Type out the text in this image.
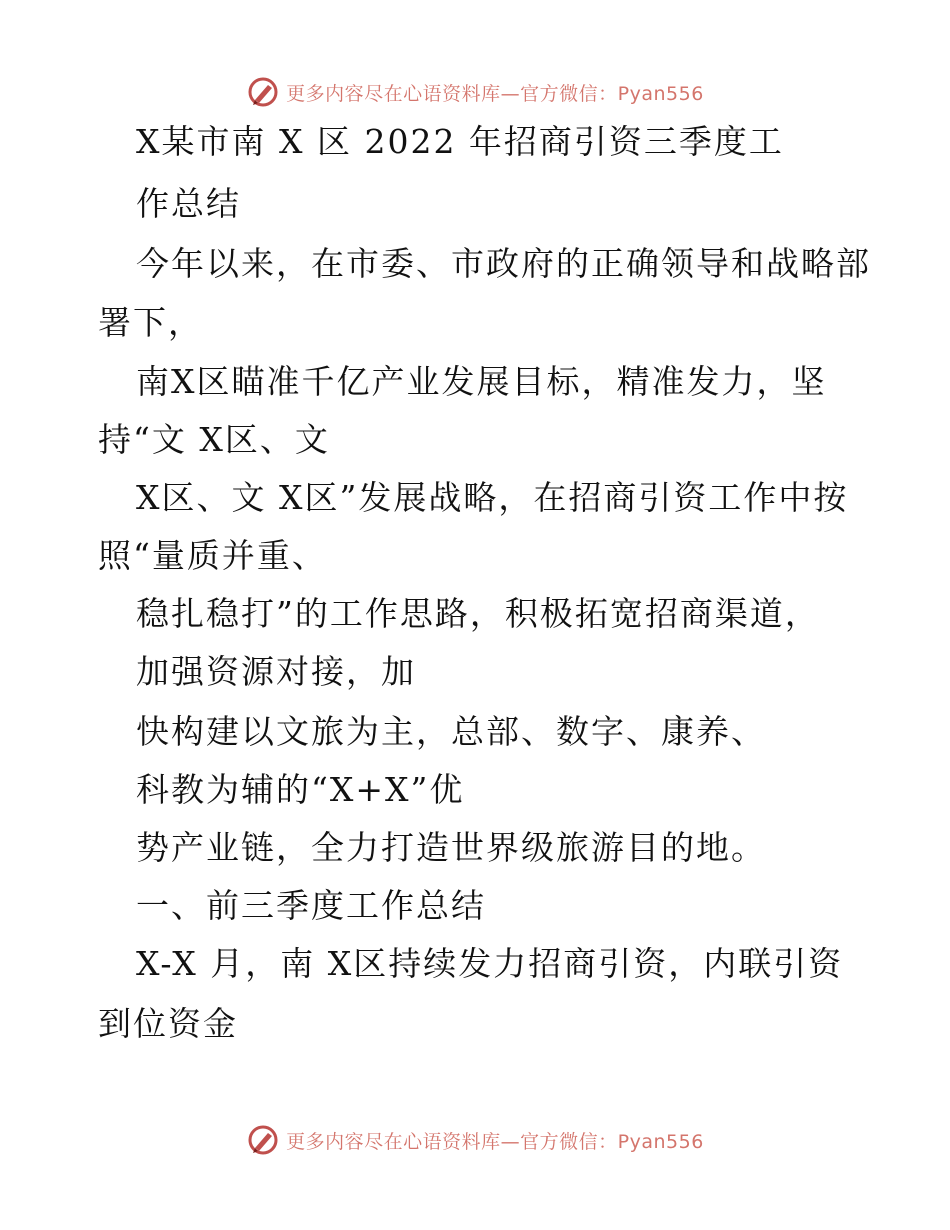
更多内容尽在心语资料库—官方微信：Pyan556
X某市南 X 区 2022 年招商引资三季度工
作总结
今年以来，在市委、市政府的正确领导和战略部
署下，
南X区瞄准千亿产业发展目标，精准发力，坚
持“文 X区、文
X区、文 X区”发展战略，在招商引资工作中按
照“量质并重、
稳扎稳打”的工作思路，积极拓宽招商渠道，
加强资源对接，加
快构建以文旅为主，总部、数字、康养、
科教为辅的“X+X”优
势产业链，全力打造世界级旅游目的地。
一、前三季度工作总结
X-X 月，南 X区持续发力招商引资，内联引资
到位资金
更多内容尽在心语资料库—官方微信：Pyan556
